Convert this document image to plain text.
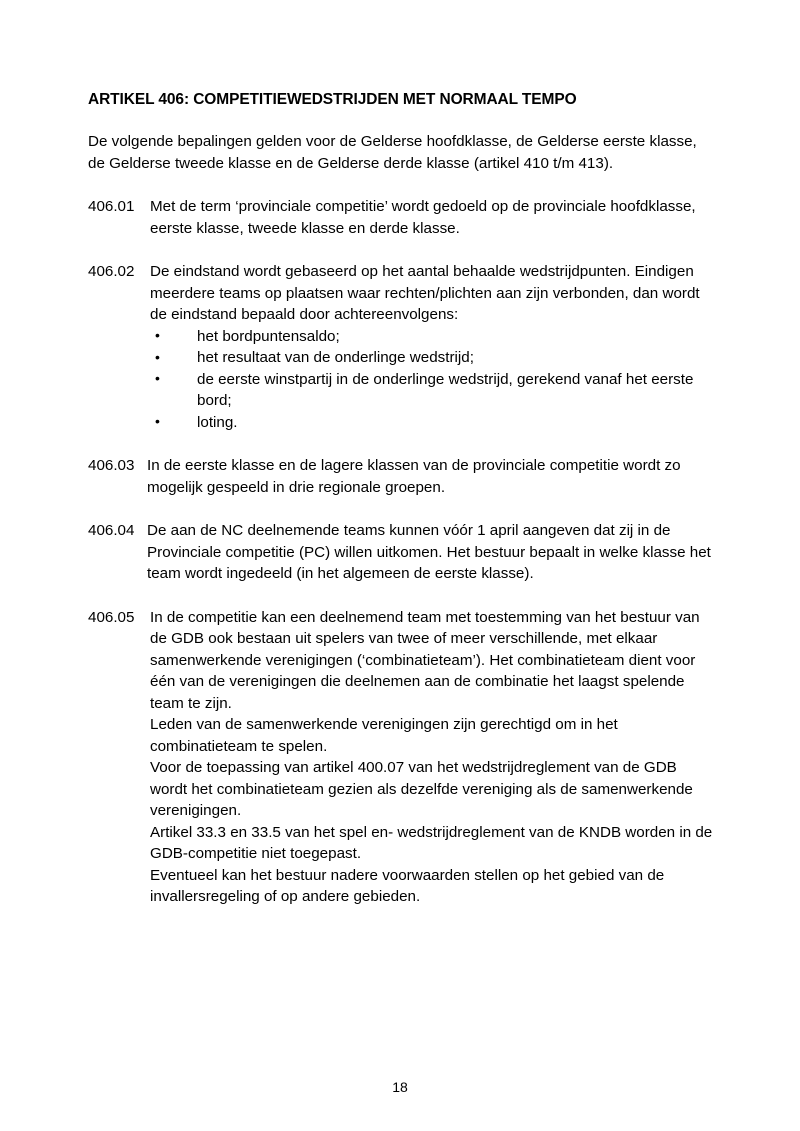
ARTIKEL 406: COMPETITIEWEDSTRIJDEN MET NORMAAL TEMPO

De volgende bepalingen gelden voor de Gelderse hoofdklasse, de Gelderse eerste klasse, de Gelderse tweede klasse en de Gelderse derde klasse (artikel 410 t/m 413).

406.01	Met de term ‘provinciale competitie’ wordt gedoeld op de provinciale hoofdklasse, eerste klasse, tweede klasse en derde klasse.

406.02	De eindstand wordt gebaseerd op het aantal behaalde wedstrijdpunten. Eindigen meerdere teams op plaatsen waar rechten/plichten aan zijn verbonden, dan wordt de eindstand bepaald door achtereenvolgens:

• het bordpuntensaldo;
• het resultaat van de onderlinge wedstrijd;
• de eerste winstpartij in de onderlinge wedstrijd, gerekend vanaf het eerste bord;
• loting.
406.03 In de eerste klasse en de lagere klassen van de provinciale competitie wordt zo mogelijk gespeeld in drie regionale groepen.

406.04 De aan de NC deelnemende teams kunnen vóór 1 april aangeven dat zij in de Provinciale competitie (PC) willen uitkomen. Het bestuur bepaalt in welke klasse het team wordt ingedeeld (in het algemeen de eerste klasse).

406.05	In de competitie kan een deelnemend team met toestemming van het bestuur van de GDB ook bestaan uit spelers van twee of meer verschillende, met elkaar samenwerkende verenigingen (‘combinatieteam’). Het combinatieteam dient voor één van de verenigingen die deelnemen aan de combinatie het laagst spelende team te zijn.

Leden van de samenwerkende verenigingen zijn gerechtigd om in het combinatieteam te spelen.

Voor de toepassing van artikel 400.07 van het wedstrijdreglement van de GDB wordt het combinatieteam gezien als dezelfde vereniging als de samenwerkende verenigingen.

Artikel 33.3 en 33.5 van het spel en- wedstrijdreglement van de KNDB worden in de GDB-competitie niet toegepast.

Eventueel kan het bestuur nadere voorwaarden stellen op het gebied van de invallersregeling of op andere gebieden.

18
